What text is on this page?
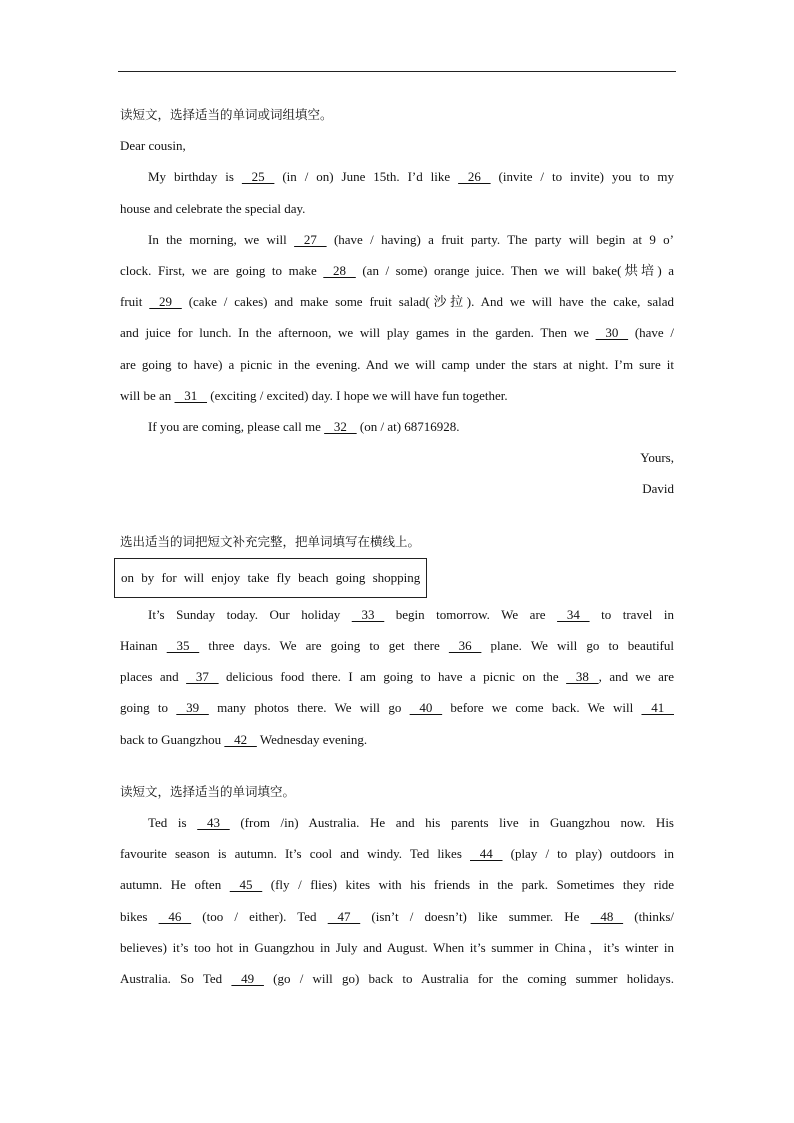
读短文，选择适当的单词或词组填空。
Dear cousin,
My birthday is    25    (in / on) June 15th. I’d like    26    (invite / to invite) you to my
house and celebrate the special day.
In the morning, we will    27    (have / having) a fruit party. The party will begin at 9 o’
clock. First, we are going to make    28    (an / some) orange juice. Then we will bake(烘培) a
fruit    29    (cake / cakes) and make some fruit salad(沙拉). And we will have the cake, salad
and juice for lunch. In the afternoon, we will play games in the garden. Then we    30    (have /
are going to have) a picnic in the evening. And we will camp under the stars at night. I’m sure it
will be an    31    (exciting / excited) day. I hope we will have fun together.
If you are coming, please call me    32    (on / at) 68716928.
Yours,
David
选出适当的词把短文补充完整，把单词填写在横线上。
on by for will enjoy take fly beach going shopping
It’s Sunday today. Our holiday    33    begin tomorrow. We are    34    to travel in
Hainan    35    three days. We are going to get there    36    plane. We will go to beautiful
places and    37    delicious food there. I am going to have a picnic on the    38   , and we are
going to    39    many photos there. We will go    40    before we come back. We will    41
back to Guangzhou    42    Wednesday evening.
读短文，选择适当的单词填空。
Ted is    43    (from /in) Australia. He and his parents live in Guangzhou now. His
favourite season is autumn. It’s cool and windy. Ted likes    44    (play / to play) outdoors in
autumn. He often    45    (fly / flies) kites with his friends in the park. Sometimes they ride
bikes    46    (too / either). Ted    47    (isn’t / doesn’t) like summer. He    48    (thinks/
believes) it’s too hot in Guangzhou in July and August. When it’s summer in China，it’s winter in
Australia. So Ted    49    (go / will go) back to Australia for the coming summer holidays.
